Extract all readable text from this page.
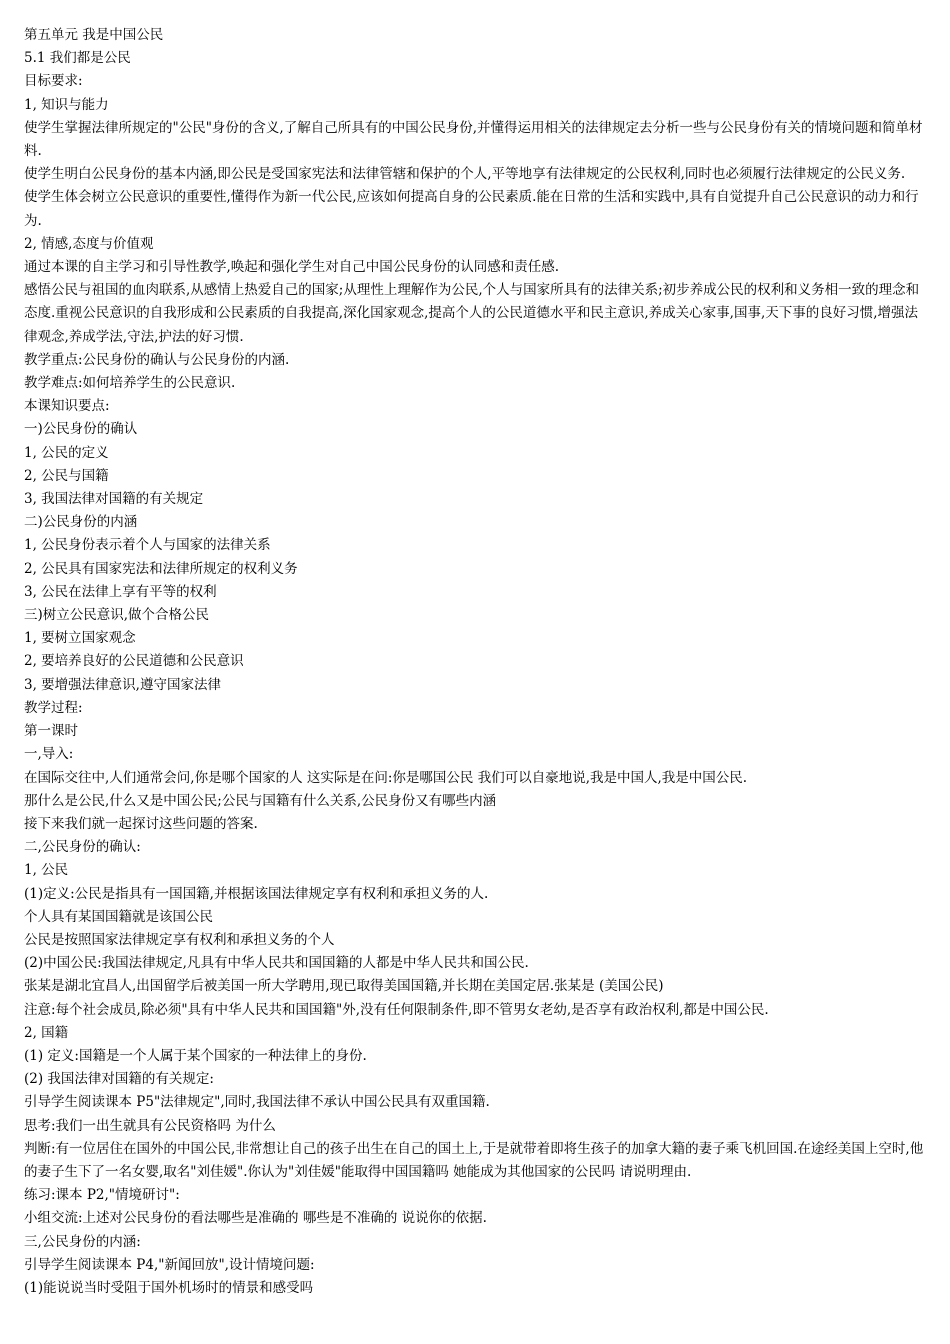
第五单元 我是中国公民

5.1 我们都是公民

目标要求:

1, 知识与能力

使学生掌握法律所规定的"公民"身份的含义,了解自己所具有的中国公民身份,并懂得运用相关的法律规定去分析一些与公民身份有关的情境问题和简单材料.

使学生明白公民身份的基本内涵,即公民是受国家宪法和法律管辖和保护的个人,平等地享有法律规定的公民权利,同时也必须履行法律规定的公民义务.

使学生体会树立公民意识的重要性,懂得作为新一代公民,应该如何提高自身的公民素质.能在日常的生活和实践中,具有自觉提升自己公民意识的动力和行为.

2, 情感,态度与价值观

通过本课的自主学习和引导性教学,唤起和强化学生对自己中国公民身份的认同感和责任感.

感悟公民与祖国的血肉联系,从感情上热爱自己的国家;从理性上理解作为公民,个人与国家所具有的法律关系;初步养成公民的权利和义务相一致的理念和态度.重视公民意识的自我形成和公民素质的自我提高,深化国家观念,提高个人的公民道德水平和民主意识,养成关心家事,国事,天下事的良好习惯,增强法律观念,养成学法,守法,护法的好习惯.

教学重点:公民身份的确认与公民身份的内涵.

教学难点:如何培养学生的公民意识.

本课知识要点:

一)公民身份的确认

1, 公民的定义

2, 公民与国籍

3, 我国法律对国籍的有关规定

二)公民身份的内涵

1, 公民身份表示着个人与国家的法律关系

2, 公民具有国家宪法和法律所规定的权利义务

3, 公民在法律上享有平等的权利

三)树立公民意识,做个合格公民

1, 要树立国家观念

2, 要培养良好的公民道德和公民意识

3, 要增强法律意识,遵守国家法律

教学过程:

第一课时

一,导入:

在国际交往中,人们通常会问,你是哪个国家的人 这实际是在问:你是哪国公民 我们可以自豪地说,我是中国人,我是中国公民.

那什么是公民,什么又是中国公民;公民与国籍有什么关系,公民身份又有哪些内涵

接下来我们就一起探讨这些问题的答案.

二,公民身份的确认:

1, 公民

(1)定义:公民是指具有一国国籍,并根据该国法律规定享有权利和承担义务的人.

个人具有某国国籍就是该国公民

公民是按照国家法律规定享有权利和承担义务的个人

(2)中国公民:我国法律规定,凡具有中华人民共和国国籍的人都是中华人民共和国公民.

张某是湖北宜昌人,出国留学后被美国一所大学聘用,现已取得美国国籍,并长期在美国定居.张某是 (美国公民)

注意:每个社会成员,除必须"具有中华人民共和国国籍"外,没有任何限制条件,即不管男女老幼,是否享有政治权利,都是中国公民.

2, 国籍

(1) 定义:国籍是一个人属于某个国家的一种法律上的身份.

(2) 我国法律对国籍的有关规定:

引导学生阅读课本 P5"法律规定",同时,我国法律不承认中国公民具有双重国籍.

思考:我们一出生就具有公民资格吗 为什么

判断:有一位居住在国外的中国公民,非常想让自己的孩子出生在自己的国土上,于是就带着即将生孩子的加拿大籍的妻子乘飞机回国.在途经美国上空时,他的妻子生下了一名女婴,取名"刘佳媛".你认为"刘佳媛"能取得中国国籍吗 她能成为其他国家的公民吗 请说明理由.

练习:课本 P2,"情境研讨":

小组交流:上述对公民身份的看法哪些是准确的 哪些是不准确的 说说你的依据.

三,公民身份的内涵:

引导学生阅读课本 P4,"新闻回放",设计情境问题:

(1)能说说当时受阻于国外机场时的情景和感受吗
